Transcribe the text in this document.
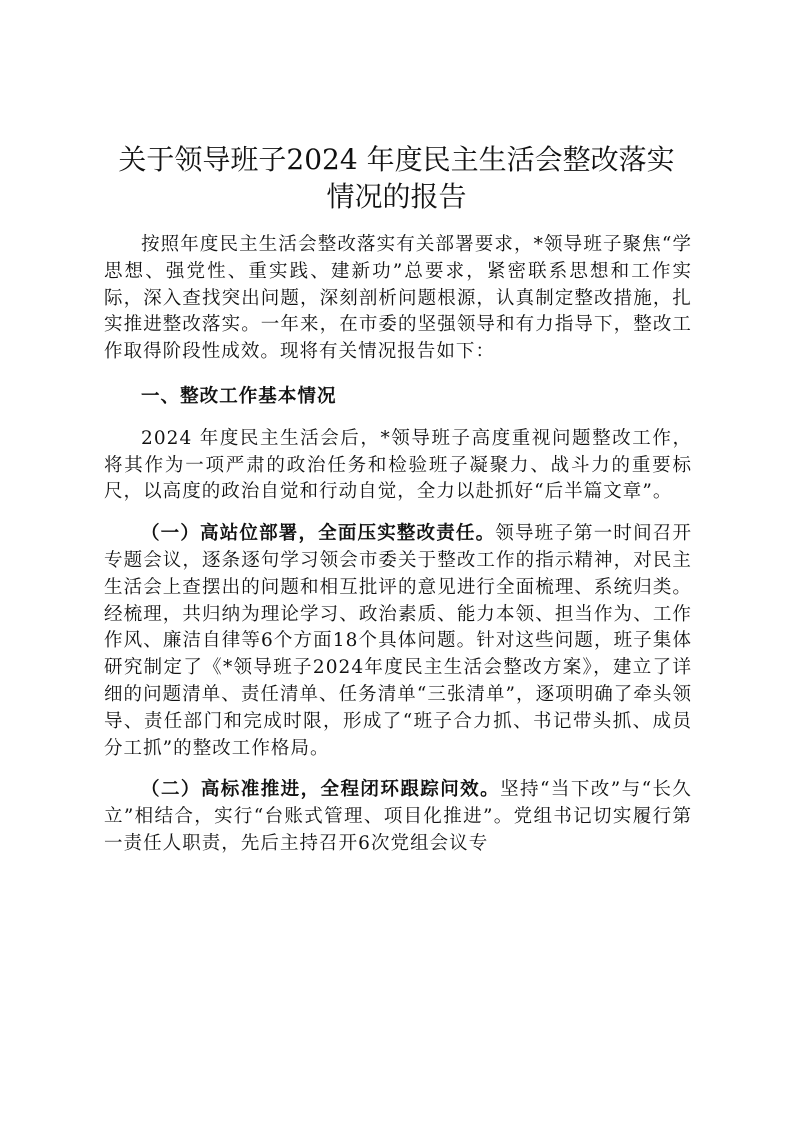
关于领导班子2024 年度民主生活会整改落实
情况的报告

按照年度民主生活会整改落实有关部署要求，*领导班子聚焦“学思想、强党性、重实践、建新功”总要求，紧密联系思想和工作实际，深入查找突出问题，深刻剖析问题根源，认真制定整改措施，扎实推进整改落实。一年来，在市委的坚强领导和有力指导下，整改工作取得阶段性成效。现将有关情况报告如下：

一、整改工作基本情况

2024 年度民主生活会后，*领导班子高度重视问题整改工作，将其作为一项严肃的政治任务和检验班子凝聚力、战斗力的重要标尺，以高度的政治自觉和行动自觉，全力以赴抓好“后半篇文章”。

（一）高站位部署，全面压实整改责任。领导班子第一时间召开专题会议，逐条逐句学习领会市委关于整改工作的指示精神，对民主生活会上查摆出的问题和相互批评的意见进行全面梳理、系统归类。经梳理，共归纳为理论学习、政治素质、能力本领、担当作为、工作作风、廉洁自律等6个方面18个具体问题。针对这些问题，班子集体研究制定了《*领导班子2024年度民主生活会整改方案》，建立了详细的问题清单、责任清单、任务清单“三张清单”，逐项明确了牵头领导、责任部门和完成时限，形成了“班子合力抓、书记带头抓、成员分工抓”的整改工作格局。

（二）高标准推进，全程闭环跟踪问效。坚持“当下改”与“长久立”相结合，实行“台账式管理、项目化推进”。党组书记切实履行第一责任人职责，先后主持召开6次党组会议专
